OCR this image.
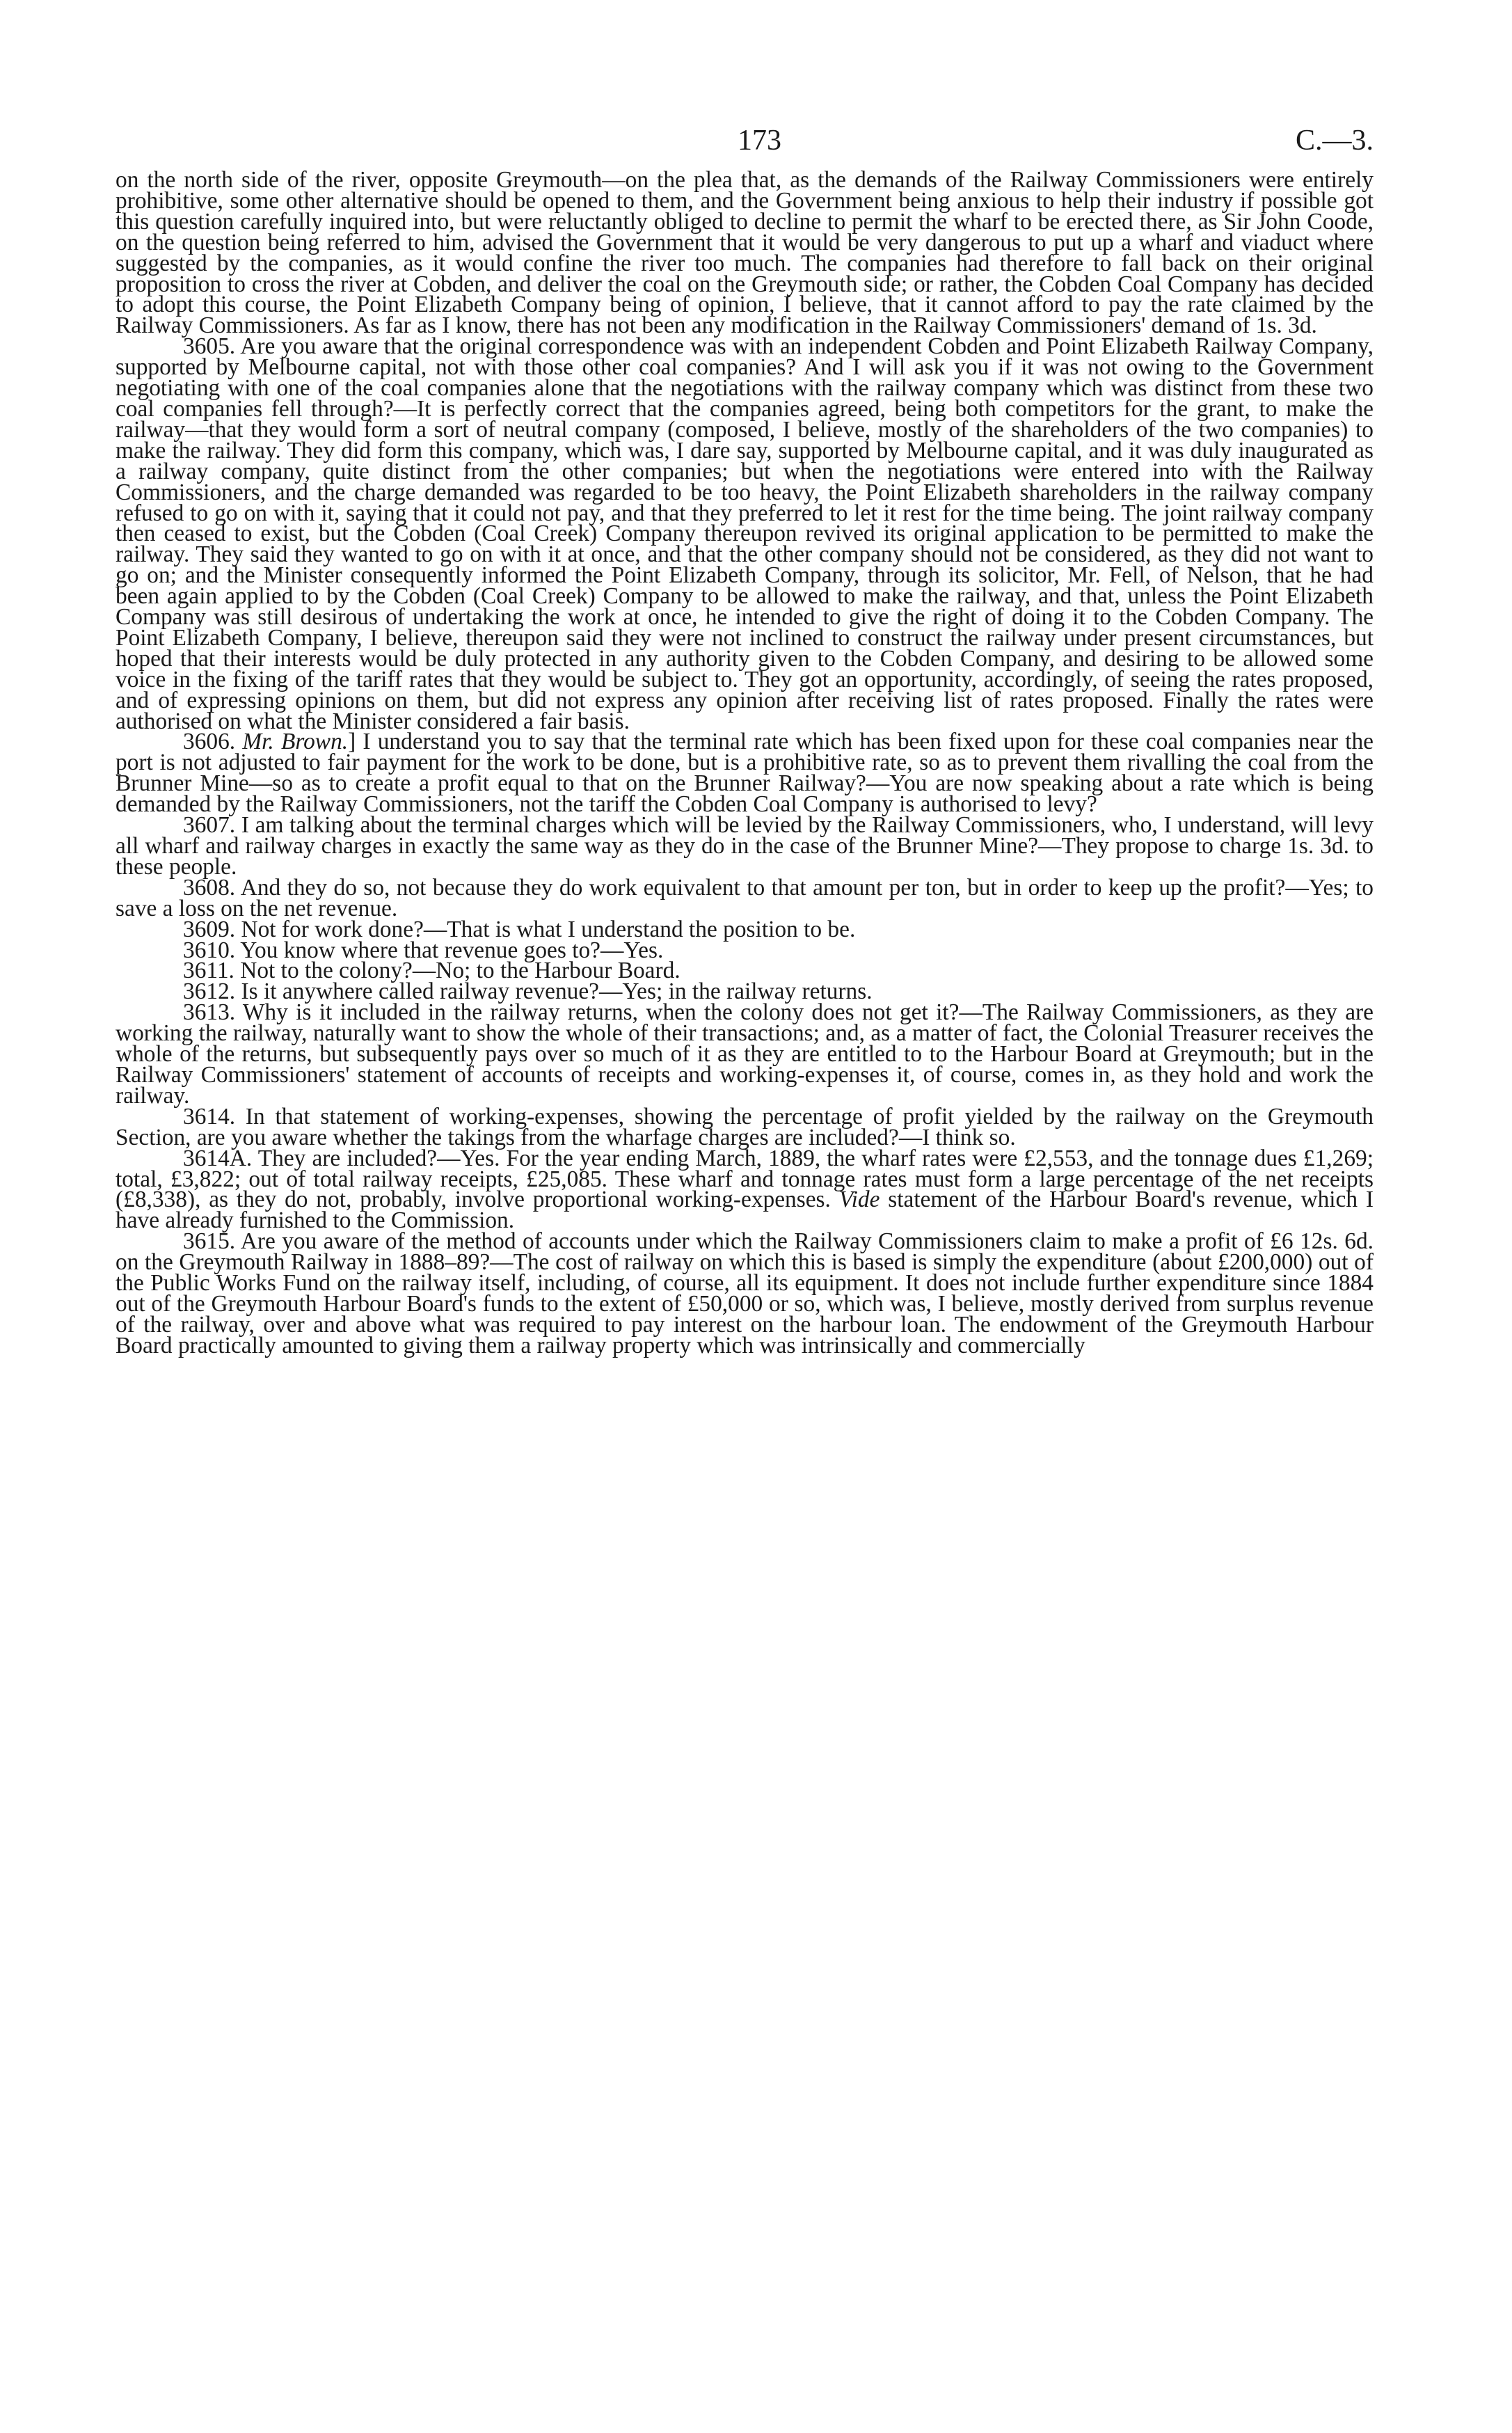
173	C.—3.

on the north side of the river, opposite Greymouth—on the plea that, as the demands of the Railway Commissioners were entirely prohibitive, some other alternative should be opened to them, and the Government being anxious to help their industry if possible got this question carefully inquired into, but were reluctantly obliged to decline to permit the wharf to be erected there, as Sir John Coode, on the question being referred to him, advised the Government that it would be very dangerous to put up a wharf and viaduct where suggested by the companies, as it would confine the river too much. The companies had therefore to fall back on their original proposition to cross the river at Cobden, and deliver the coal on the Greymouth side; or rather, the Cobden Coal Company has decided to adopt this course, the Point Elizabeth Company being of opinion, I believe, that it cannot afford to pay the rate claimed by the Railway Commissioners. As far as I know, there has not been any modification in the Railway Commissioners' demand of 1s. 3d.

3605. Are you aware that the original correspondence was with an independent Cobden and Point Elizabeth Railway Company, supported by Melbourne capital, not with those other coal companies? And I will ask you if it was not owing to the Government negotiating with one of the coal companies alone that the negotiations with the railway company which was distinct from these two coal companies fell through?—It is perfectly correct that the companies agreed, being both competitors for the grant, to make the railway—that they would form a sort of neutral company (composed, I believe, mostly of the shareholders of the two companies) to make the railway. They did form this company, which was, I dare say, supported by Melbourne capital, and it was duly inaugurated as a railway company, quite distinct from the other companies; but when the negotiations were entered into with the Railway Commissioners, and the charge demanded was regarded to be too heavy, the Point Elizabeth shareholders in the railway company refused to go on with it, saying that it could not pay, and that they preferred to let it rest for the time being. The joint railway company then ceased to exist, but the Cobden (Coal Creek) Company thereupon revived its original application to be permitted to make the railway. They said they wanted to go on with it at once, and that the other company should not be considered, as they did not want to go on; and the Minister consequently informed the Point Elizabeth Company, through its solicitor, Mr. Fell, of Nelson, that he had been again applied to by the Cobden (Coal Creek) Company to be allowed to make the railway, and that, unless the Point Elizabeth Company was still desirous of undertaking the work at once, he intended to give the right of doing it to the Cobden Company. The Point Elizabeth Company, I believe, thereupon said they were not inclined to construct the railway under present circumstances, but hoped that their interests would be duly protected in any authority given to the Cobden Company, and desiring to be allowed some voice in the fixing of the tariff rates that they would be subject to. They got an opportunity, accordingly, of seeing the rates proposed, and of expressing opinions on them, but did not express any opinion after receiving list of rates proposed. Finally the rates were authorised on what the Minister considered a fair basis.

3606. Mr. Brown.] I understand you to say that the terminal rate which has been fixed upon for these coal companies near the port is not adjusted to fair payment for the work to be done, but is a prohibitive rate, so as to prevent them rivalling the coal from the Brunner Mine—so as to create a profit equal to that on the Brunner Railway?—You are now speaking about a rate which is being demanded by the Railway Commissioners, not the tariff the Cobden Coal Company is authorised to levy?

3607. I am talking about the terminal charges which will be levied by the Railway Commissioners, who, I understand, will levy all wharf and railway charges in exactly the same way as they do in the case of the Brunner Mine?—They propose to charge 1s. 3d. to these people.

3608. And they do so, not because they do work equivalent to that amount per ton, but in order to keep up the profit?—Yes; to save a loss on the net revenue.

3609. Not for work done?—That is what I understand the position to be.

3610. You know where that revenue goes to?—Yes.

3611. Not to the colony?—No; to the Harbour Board.

3612. Is it anywhere called railway revenue?—Yes; in the railway returns.

3613. Why is it included in the railway returns, when the colony does not get it?—The Railway Commissioners, as they are working the railway, naturally want to show the whole of their transactions; and, as a matter of fact, the Colonial Treasurer receives the whole of the returns, but subsequently pays over so much of it as they are entitled to to the Harbour Board at Greymouth; but in the Railway Commissioners' statement of accounts of receipts and working-expenses it, of course, comes in, as they hold and work the railway.

3614. In that statement of working-expenses, showing the percentage of profit yielded by the railway on the Greymouth Section, are you aware whether the takings from the wharfage charges are included?—I think so.

3614A. They are included?—Yes. For the year ending March, 1889, the wharf rates were £2,553, and the tonnage dues £1,269; total, £3,822; out of total railway receipts, £25,085. These wharf and tonnage rates must form a large percentage of the net receipts (£8,338), as they do not, probably, involve proportional working-expenses. Vide statement of the Harbour Board's revenue, which I have already furnished to the Commission.

3615. Are you aware of the method of accounts under which the Railway Commissioners claim to make a profit of £6 12s. 6d. on the Greymouth Railway in 1888–89?—The cost of railway on which this is based is simply the expenditure (about £200,000) out of the Public Works Fund on the railway itself, including, of course, all its equipment. It does not include further expenditure since 1884 out of the Greymouth Harbour Board's funds to the extent of £50,000 or so, which was, I believe, mostly derived from surplus revenue of the railway, over and above what was required to pay interest on the harbour loan. The endowment of the Greymouth Harbour Board practically amounted to giving them a railway property which was intrinsically and commercially
